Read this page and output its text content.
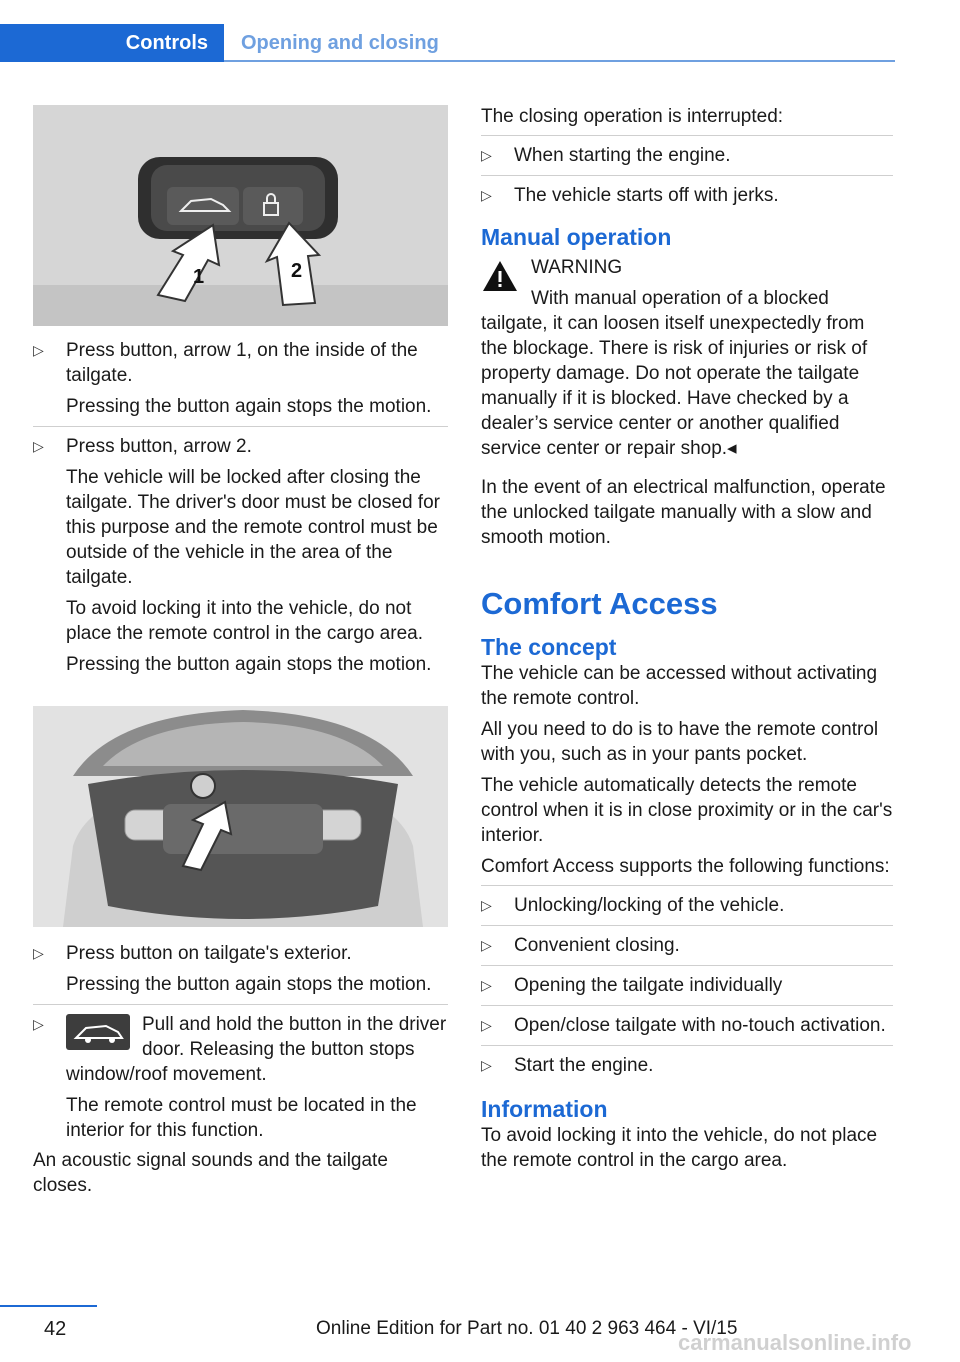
Controls Opening and closing
1	2
▷ Press button, arrow 1, on the inside of the tailgate.

Pressing the button again stops the motion.

▷ Press button, arrow 2.

The vehicle will be locked after closing the tailgate. The driver's door must be closed for this purpose and the remote control must be outside of the vehicle in the area of the tailgate.

To avoid locking it into the vehicle, do not place the remote control in the cargo area.

Pressing the button again stops the motion.

▷ Press button on tailgate's exterior.

Pressing the button again stops the motion.

▷	Pull and hold the button in the driver door. Releasing the button stops window/roof movement.

The remote control must be located in the interior for this function.

An acoustic signal sounds and the tailgate closes.

The closing operation is interrupted:

▷ When starting the engine.

▷ The vehicle starts off with jerks.

Manual operation

WARNING

With manual operation of a blocked tailgate, it can loosen itself unexpectedly from the blockage. There is risk of injuries or risk of property damage. Do not operate the tailgate manually if it is blocked. Have checked by a dealer’s service center or another qualified service center or repair shop.◂

In the event of an electrical malfunction, operate the unlocked tailgate manually with a slow and smooth motion.

Comfort Access
The concept

The vehicle can be accessed without activating the remote control.

All you need to do is to have the remote control with you, such as in your pants pocket.

The vehicle automatically detects the remote control when it is in close proximity or in the car's interior.

Comfort Access supports the following functions:

▷ Unlocking/locking of the vehicle.

▷ Convenient closing.

▷ Opening the tailgate individually

▷ Open/close tailgate with no-touch activation.

▷ Start the engine.

Information

To avoid locking it into the vehicle, do not place the remote control in the cargo area.

42	Online Edition for Part no. 01 40 2 963 464 - VI/15
carmanualsonline.info
